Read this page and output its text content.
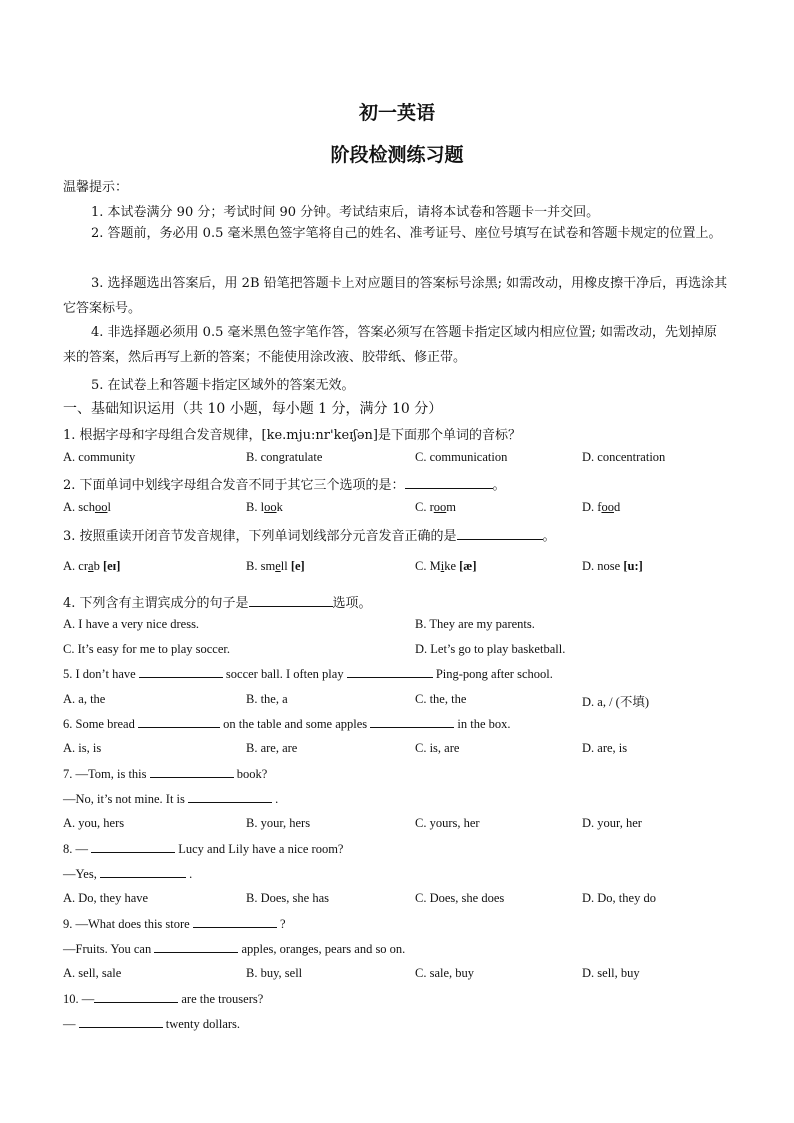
初一英语
阶段检测练习题
温馨提示：
1. 本试卷满分 90 分；考试时间 90 分钟。考试结束后，请将本试卷和答题卡一并交回。
2. 答题前，务必用 0.5 毫米黑色签字笔将自己的姓名、准考证号、座位号填写在试卷和答题卡规定的位置上。
3. 选择题选出答案后，用 2B 铅笔把答题卡上对应题目的答案标号涂黑; 如需改动，用橡皮擦干净后，再选涂其它答案标号。
4. 非选择题必须用 0.5 毫米黑色签字笔作答，答案必须写在答题卡指定区域内相应位置; 如需改动，先划掉原来的答案，然后再写上新的答案；不能使用涂改液、胶带纸、修正带。
5. 在试卷上和答题卡指定区域外的答案无效。
一、基础知识运用（共 10 小题，每小题 1 分，满分 10 分）
1. 根据字母和字母组合发音规律，[ke.mju:nr'keɪʃən]是下面那个单词的音标？
A. community	B. congratulate	C. communication	D. concentration
2. 下面单词中划线字母组合发音不同于其它三个选项的是：	。
A. school	B. look	C. room	D. food
3. 按照重读开闭音节发音规律，下列单词划线部分元音发音正确的是	。
A. crab [eɪ]	B. smell [e]	C. Mike [æ]	D. nose [u:]
4. 下列含有主谓宾成分的句子是	选项。
A. I have a very nice dress.	B. They are my parents.
C. It’s easy for me to play soccer.	D. Let’s go to play basketball.
5. I don’t have	soccer ball. I often play	Ping-pong after school.
A. a, the	B. the, a	C. the, the	D. a, / (不填)
6. Some bread	on the table and some apples	in the box.
A. is, is	B. are, are	C. is, are	D. are, is
7. —Tom, is this	book?
—No, it’s not mine. It is	.
A. you, hers	B. your, hers	C. yours, her	D. your, her
8. —	Lucy and Lily have a nice room?
—Yes,	.
A. Do, they have	B. Does, she has	C. Does, she does	D. Do, they do
9. —What does this store	?
—Fruits. You can	apples, oranges, pears and so on.
A. sell, sale	B. buy, sell	C. sale, buy	D. sell, buy
10. —	are the trousers?
—	twenty dollars.
